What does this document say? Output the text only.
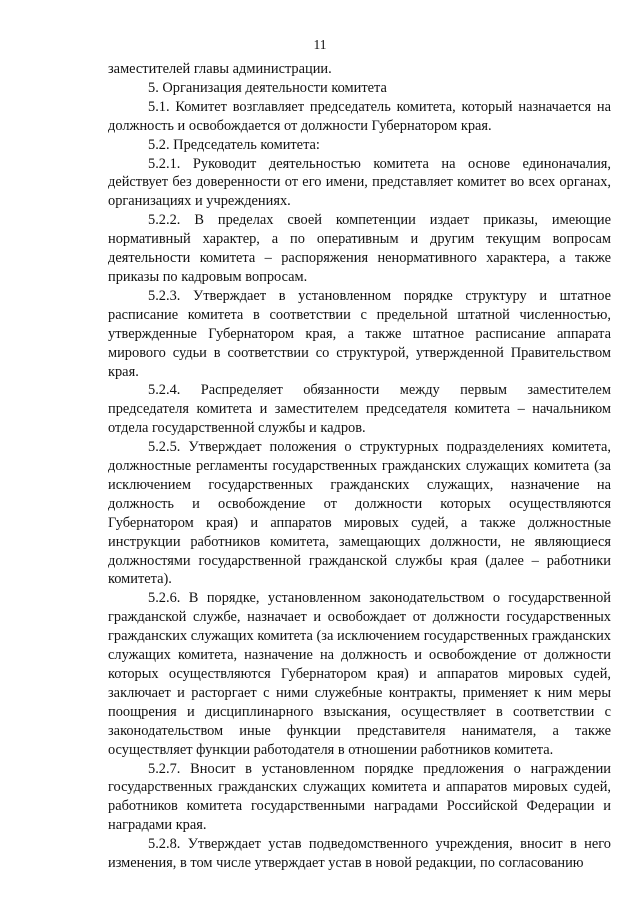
11

заместителей главы администрации.

5. Организация деятельности комитета

5.1. Комитет возглавляет председатель комитета, который назначается на должность и освобождается от должности Губернатором края.

5.2. Председатель комитета:

5.2.1. Руководит деятельностью комитета на основе единоначалия, действует без доверенности от его имени, представляет комитет во всех органах, организациях и учреждениях.

5.2.2. В пределах своей компетенции издает приказы, имеющие нормативный характер, а по оперативным и другим текущим вопросам деятельности комитета – распоряжения ненормативного характера, а также приказы по кадровым вопросам.

5.2.3. Утверждает в установленном порядке структуру и штатное расписание комитета в соответствии с предельной штатной численностью, утвержденные Губернатором края, а также штатное расписание аппарата мирового судьи в соответствии со структурой, утвержденной Правительством края.

5.2.4. Распределяет обязанности между первым заместителем председателя комитета и заместителем председателя комитета – начальником отдела государственной службы и кадров.

5.2.5. Утверждает положения о структурных подразделениях комитета, должностные регламенты государственных гражданских служащих комитета (за исключением государственных гражданских служащих, назначение на должность и освобождение от должности которых осуществляются Губернатором края) и аппаратов мировых судей, а также должностные инструкции работников комитета, замещающих должности, не являющиеся должностями государственной гражданской службы края (далее – работники комитета).

5.2.6. В порядке, установленном законодательством о государственной гражданской службе, назначает и освобождает от должности государственных гражданских служащих комитета (за исключением государственных гражданских служащих комитета, назначение на должность и освобождение от должности которых осуществляются Губернатором края) и аппаратов мировых судей, заключает и расторгает с ними служебные контракты, применяет к ним меры поощрения и дисциплинарного взыскания, осуществляет в соответствии с законодательством иные функции представителя нанимателя, а также осуществляет функции работодателя в отношении работников комитета.

5.2.7. Вносит в установленном порядке предложения о награждении государственных гражданских служащих комитета и аппаратов мировых судей, работников комитета государственными наградами Российской Федерации и наградами края.

5.2.8. Утверждает устав подведомственного учреждения, вносит в него изменения, в том числе утверждает устав в новой редакции, по согласованию
